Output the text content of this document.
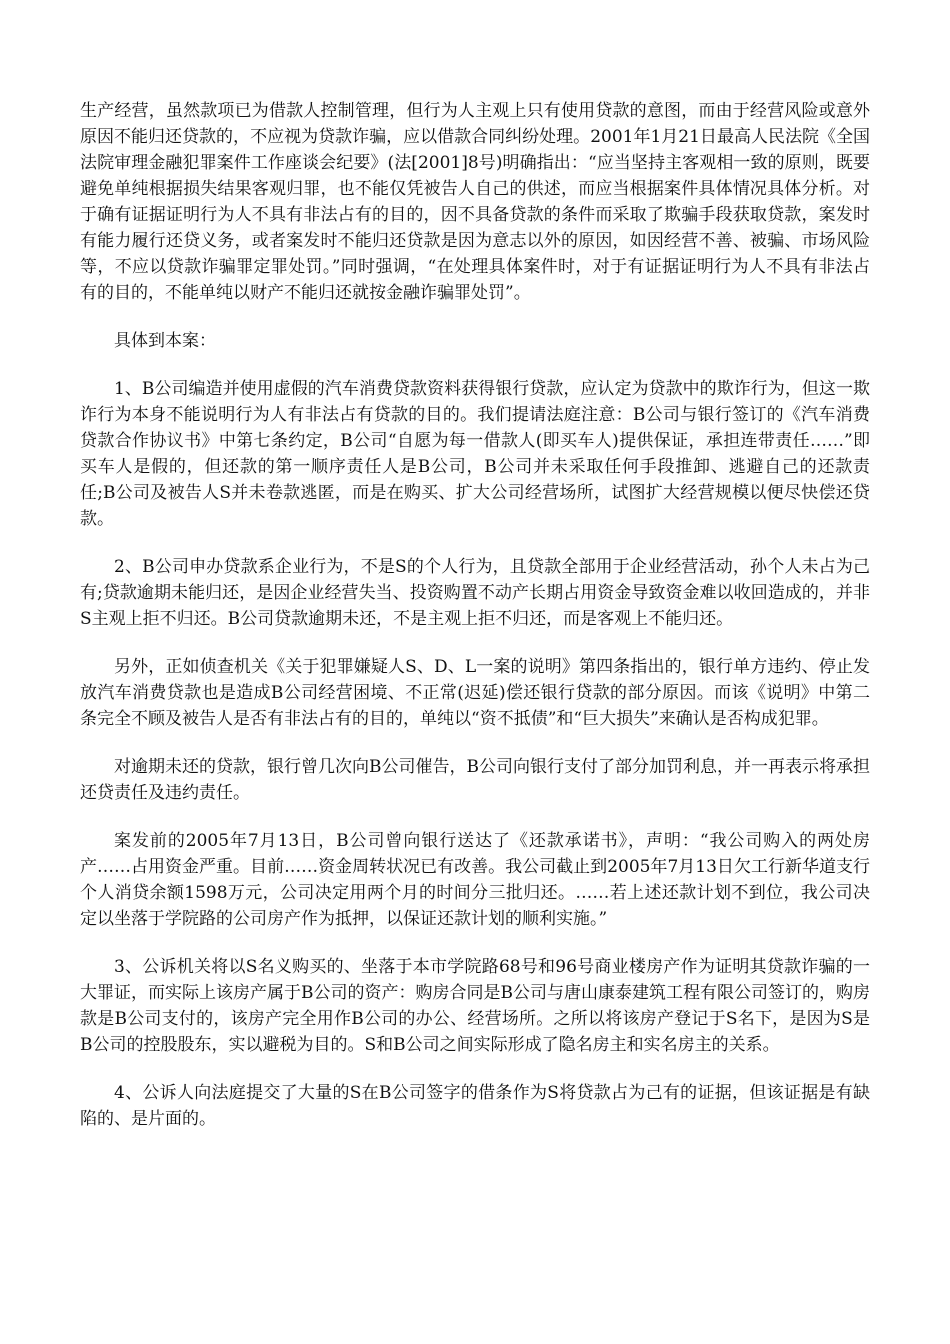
生产经营，虽然款项已为借款人控制管理，但行为人主观上只有使用贷款的意图，而由于经营风险或意外原因不能归还贷款的，不应视为贷款诈骗，应以借款合同纠纷处理。2001年1月21日最高人民法院《全国法院审理金融犯罪案件工作座谈会纪要》(法[2001]8号)明确指出：“应当坚持主客观相一致的原则，既要避免单纯根据损失结果客观归罪，也不能仅凭被告人自己的供述，而应当根据案件具体情况具体分析。对于确有证据证明行为人不具有非法占有的目的，因不具备贷款的条件而采取了欺骗手段获取贷款，案发时有能力履行还贷义务，或者案发时不能归还贷款是因为意志以外的原因，如因经营不善、被骗、市场风险等，不应以贷款诈骗罪定罪处罚。”同时强调，“在处理具体案件时，对于有证据证明行为人不具有非法占有的目的，不能单纯以财产不能归还就按金融诈骗罪处罚”。

具体到本案：

1、B公司编造并使用虚假的汽车消费贷款资料获得银行贷款，应认定为贷款中的欺诈行为，但这一欺诈行为本身不能说明行为人有非法占有贷款的目的。我们提请法庭注意：B公司与银行签订的《汽车消费贷款合作协议书》中第七条约定，B公司“自愿为每一借款人(即买车人)提供保证，承担连带责任……”即买车人是假的，但还款的第一顺序责任人是B公司，B公司并未采取任何手段推卸、逃避自己的还款责任;B公司及被告人S并未卷款逃匿，而是在购买、扩大公司经营场所，试图扩大经营规模以便尽快偿还贷款。

2、B公司申办贷款系企业行为，不是S的个人行为，且贷款全部用于企业经营活动，孙个人未占为己有;贷款逾期未能归还，是因企业经营失当、投资购置不动产长期占用资金导致资金难以收回造成的，并非S主观上拒不归还。B公司贷款逾期未还，不是主观上拒不归还，而是客观上不能归还。

另外，正如侦查机关《关于犯罪嫌疑人S、D、L一案的说明》第四条指出的，银行单方违约、停止发放汽车消费贷款也是造成B公司经营困境、不正常(迟延)偿还银行贷款的部分原因。而该《说明》中第二条完全不顾及被告人是否有非法占有的目的，单纯以“资不抵债”和“巨大损失”来确认是否构成犯罪。

对逾期未还的贷款，银行曾几次向B公司催告，B公司向银行支付了部分加罚利息，并一再表示将承担还贷责任及违约责任。

案发前的2005年7月13日，B公司曾向银行送达了《还款承诺书》，声明：“我公司购入的两处房产……占用资金严重。目前……资金周转状况已有改善。我公司截止到2005年7月13日欠工行新华道支行个人消贷余额1598万元，公司决定用两个月的时间分三批归还。……若上述还款计划不到位，我公司决定以坐落于学院路的公司房产作为抵押，以保证还款计划的顺利实施。”

3、公诉机关将以S名义购买的、坐落于本市学院路68号和96号商业楼房产作为证明其贷款诈骗的一大罪证，而实际上该房产属于B公司的资产：购房合同是B公司与唐山康泰建筑工程有限公司签订的，购房款是B公司支付的，该房产完全用作B公司的办公、经营场所。之所以将该房产登记于S名下，是因为S是B公司的控股股东，实以避税为目的。S和B公司之间实际形成了隐名房主和实名房主的关系。

4、公诉人向法庭提交了大量的S在B公司签字的借条作为S将贷款占为己有的证据，但该证据是有缺陷的、是片面的。
